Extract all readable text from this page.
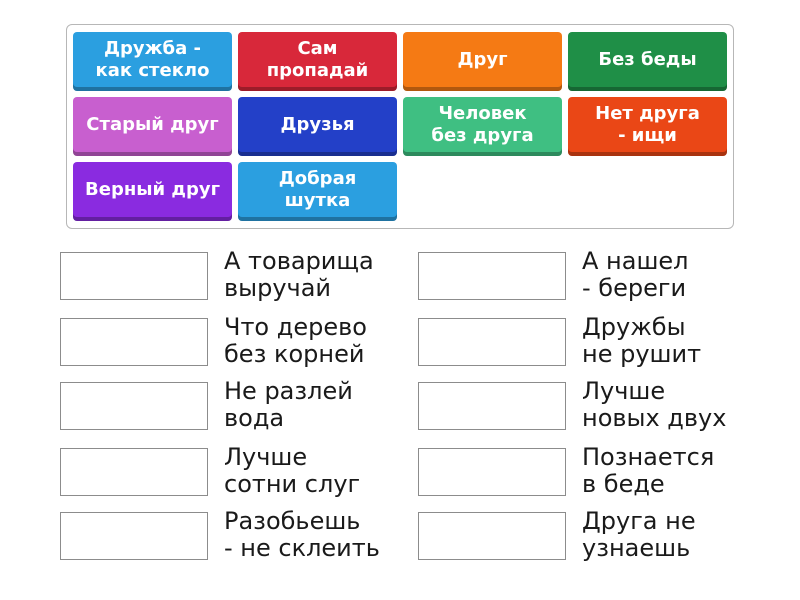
Дружба -
как стекло
Сам
пропадай
Друг	Без беды
Старый друг	Друзья
Человек
без друга
Нет друга
- ищи
Верный друг
Добрая
шутка
А товарища
выручай
Что дерево
без корней
Не разлей
вода
Лучше
сотни слуг
Разобьешь
- не склеить
А нашел
- береги
Дружбы
не рушит
Лучше
новых двух
Познается
в беде
Друга не
узнаешь
